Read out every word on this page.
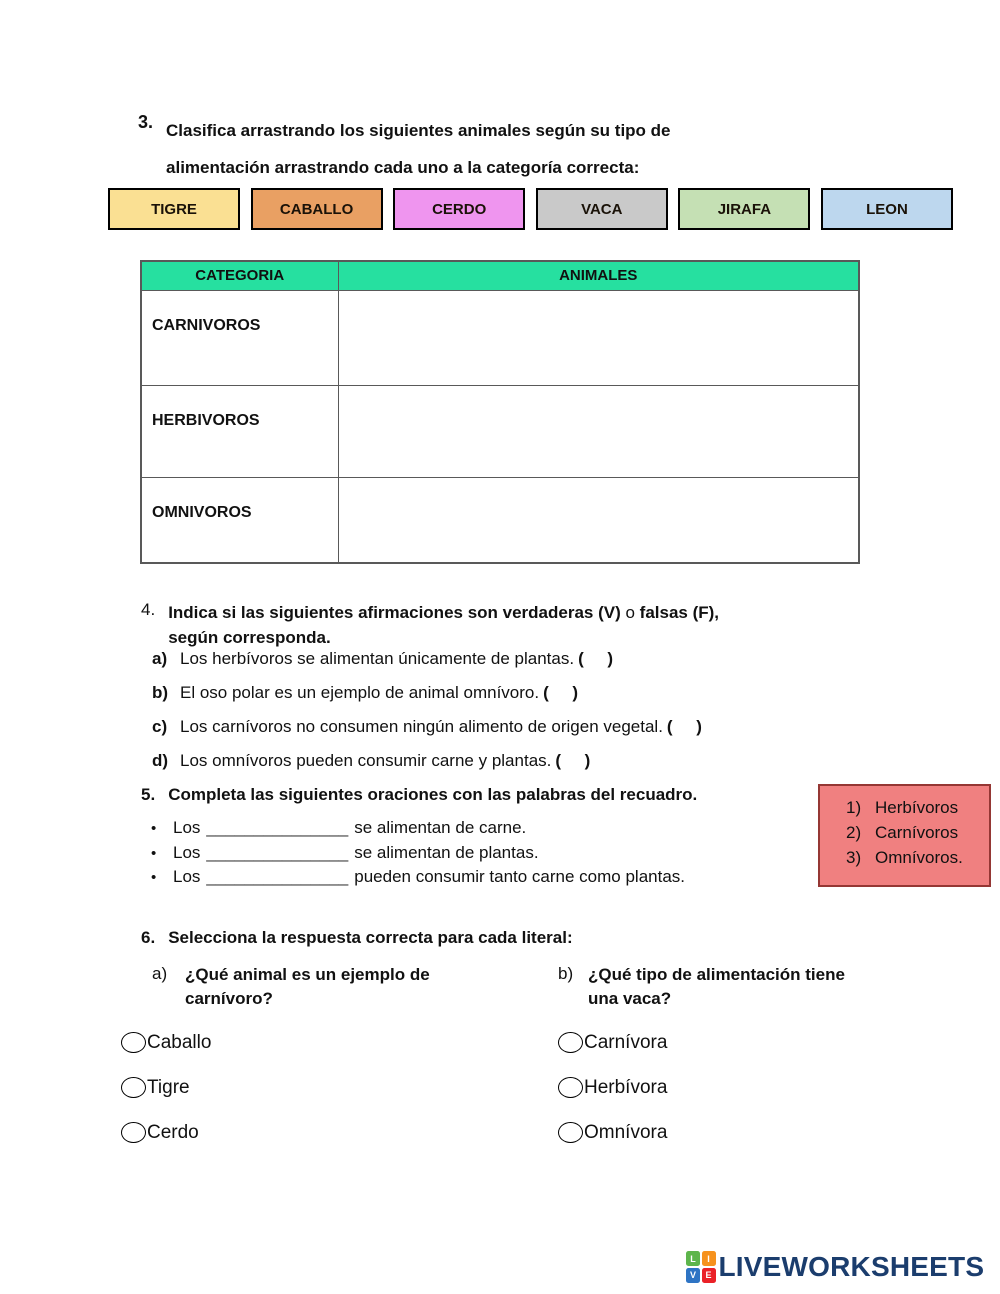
3. Clasifica arrastrando los siguientes animales según su tipo de
alimentación arrastrando cada uno a la categoría correcta:
TIGRE	CABALLO	CERDO	VACA	JIRAFA	LEON
CATEGORIA	ANIMALES
CARNIVOROS	
HERBIVOROS	
OMNIVOROS	
4. Indica si las siguientes afirmaciones son verdaderas (V) o falsas (F),
según corresponda.
a) Los herbívoros se alimentan únicamente de plantas. (     )
b) El oso polar es un ejemplo de animal omnívoro. (     )
c) Los carnívoros no consumen ningún alimento de origen vegetal. (     )
d) Los omnívoros pueden consumir carne y plantas. (     )
5. Completa las siguientes oraciones con las palabras del recuadro.
• Los _______________ se alimentan de carne.
• Los _______________ se alimentan de plantas.
• Los _______________ pueden consumir tanto carne como plantas.
1) Herbívoros
2) Carnívoros
3) Omnívoros.
6. Selecciona la respuesta correcta para cada literal:
a) ¿Qué animal es un ejemplo de carnívoro?
b) ¿Qué tipo de alimentación tiene una vaca?
Caballo
Tigre
Cerdo
Carnívora
Herbívora
Omnívora
L	I
V	E LIVEWORKSHEETS
